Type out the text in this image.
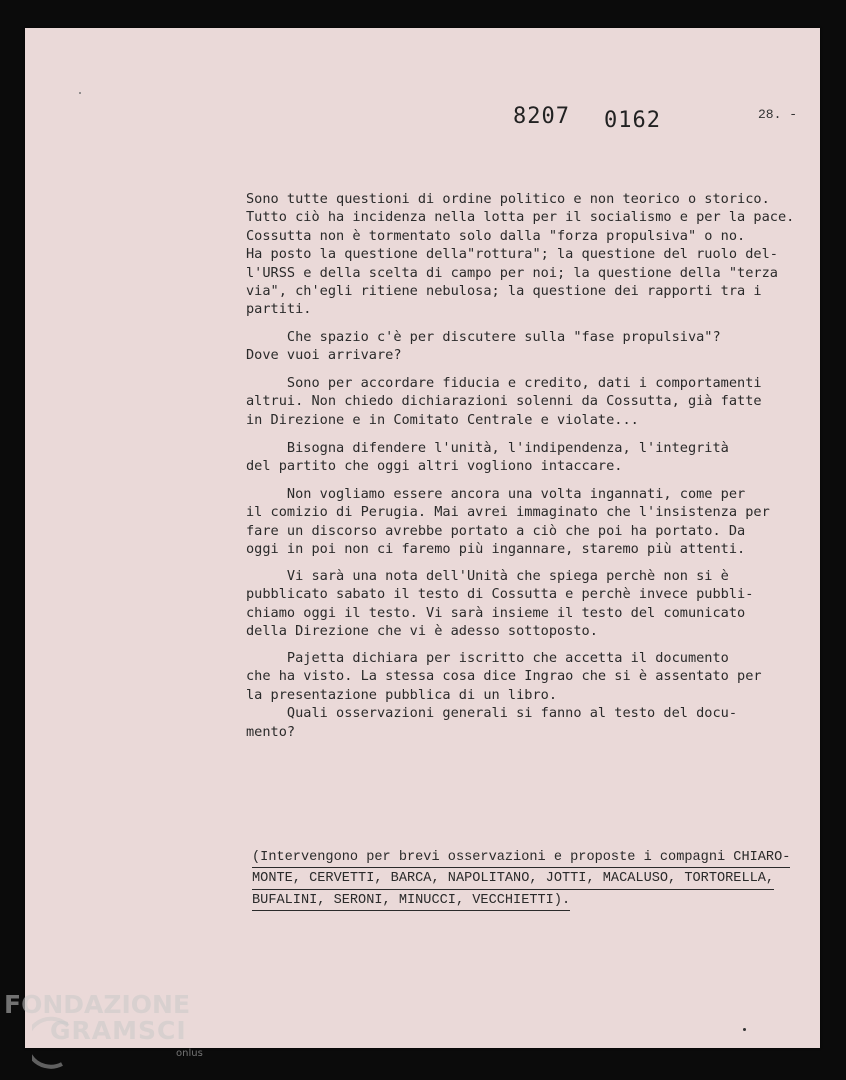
8207 0162	28. -
Sono tutte questioni di ordine politico e non teorico o storico.
Tutto ciò ha incidenza nella lotta per il socialismo e per la pace.
Cossutta non è tormentato solo dalla "forza propulsiva" o no.
Ha posto la questione della"rottura"; la questione del ruolo del-
l'URSS e della scelta di campo per noi; la questione della "terza
via", ch'egli ritiene nebulosa; la questione dei rapporti tra i
partiti.
Che spazio c'è per discutere sulla "fase propulsiva"?
Dove vuoi arrivare?
Sono per accordare fiducia e credito, dati i comportamenti
altrui. Non chiedo dichiarazioni solenni da Cossutta, già fatte
in Direzione e in Comitato Centrale e violate...
Bisogna difendere l'unità, l'indipendenza, l'integrità
del partito che oggi altri vogliono intaccare.
Non vogliamo essere ancora una volta ingannati, come per
il comizio di Perugia. Mai avrei immaginato che l'insistenza per
fare un discorso avrebbe portato a ciò che poi ha portato. Da
oggi in poi non ci faremo più ingannare, staremo più attenti.
Vi sarà una nota dell'Unità che spiega perchè non si è
pubblicato sabato il testo di Cossutta e perchè invece pubbli-
chiamo oggi il testo. Vi sarà insieme il testo del comunicato
della Direzione che vi è adesso sottoposto.
Pajetta dichiara per iscritto che accetta il documento
che ha visto. La stessa cosa dice Ingrao che si è assentato per
la presentazione pubblica di un libro.
Quali osservazioni generali si fanno al testo del docu-
mento?
(Intervengono per brevi osservazioni e proposte i compagni CHIARO-
MONTE, CERVETTI, BARCA, NAPOLITANO, JOTTI, MACALUSO, TORTORELLA,
BUFALINI, SERONI, MINUCCI, VECCHIETTI).
FONDAZIONE
GRAMSCI
onlus
